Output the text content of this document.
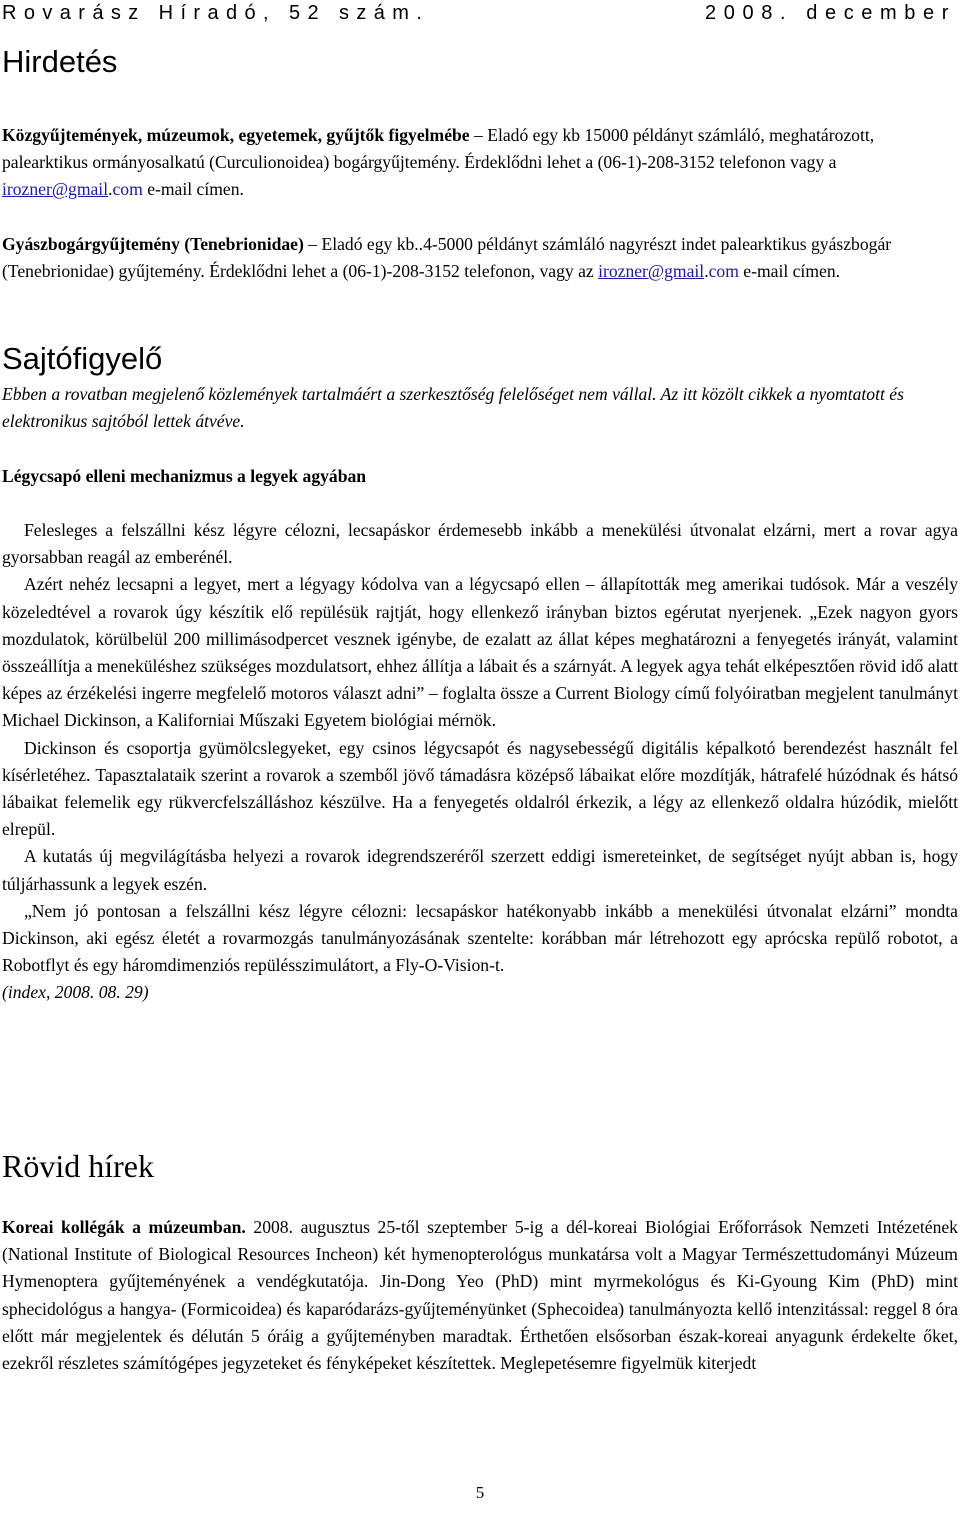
Rovarász Híradó, 52 szám.	2008. december
Hirdetés

Közgyűjtemények, múzeumok, egyetemek, gyűjtők figyelmébe – Eladó egy kb 15000 példányt számláló, meghatározott, palearktikus ormányosalkatú (Curculionoidea) bogárgyűjtemény. Érdeklődni lehet a (06-1)-208-3152 telefonon vagy a irozner@gmail.com e-mail címen.

Gyászbogárgyűjtemény (Tenebrionidae) – Eladó egy kb..4-5000 példányt számláló nagyrészt indet palearktikus gyászbogár (Tenebrionidae) gyűjtemény. Érdeklődni lehet a (06-1)-208-3152 telefonon, vagy az irozner@gmail.com e-mail címen.

Sajtófigyelő
Ebben a rovatban megjelenő közlemények tartalmáért a szerkesztőség felelőséget nem vállal. Az itt közölt cikkek a nyomtatott és elektronikus sajtóból lettek átvéve.
Légycsapó elleni mechanizmus a legyek agyában

Felesleges a felszállni kész légyre célozni, lecsapáskor érdemesebb inkább a menekülési útvonalat elzárni, mert a rovar agya gyorsabban reagál az emberénél.

Azért nehéz lecsapni a legyet, mert a légyagy kódolva van a légycsapó ellen – állapították meg amerikai tudósok. Már a veszély közeledtével a rovarok úgy készítik elő repülésük rajtját, hogy ellenkező irányban biztos egérutat nyerjenek. „Ezek nagyon gyors mozdulatok, körülbelül 200 millimásodpercet vesznek igénybe, de ezalatt az állat képes meghatározni a fenyegetés irányát, valamint összeállítja a meneküléshez szükséges mozdulatsort, ehhez állítja a lábait és a szárnyát. A legyek agya tehát elképesztően rövid idő alatt képes az érzékelési ingerre megfelelő motoros választ adni” – foglalta össze a Current Biology című folyóiratban megjelent tanulmányt Michael Dickinson, a Kaliforniai Műszaki Egyetem biológiai mérnök.

Dickinson és csoportja gyümölcslegyeket, egy csinos légycsapót és nagysebességű digitális képalkotó berendezést használt fel kísérletéhez. Tapasztalataik szerint a rovarok a szemből jövő támadásra középső lábaikat előre mozdítják, hátrafelé húzódnak és hátsó lábaikat felemelik egy rükvercfelszálláshoz készülve. Ha a fenyegetés oldalról érkezik, a légy az ellenkező oldalra húzódik, mielőtt elrepül.

A kutatás új megvilágításba helyezi a rovarok idegrendszeréről szerzett eddigi ismereteinket, de segítséget nyújt abban is, hogy túljárhassunk a legyek eszén.

„Nem jó pontosan a felszállni kész légyre célozni: lecsapáskor hatékonyabb inkább a menekülési útvonalat elzárni” mondta Dickinson, aki egész életét a rovarmozgás tanulmányozásának szentelte: korábban már létrehozott egy aprócska repülő robotot, a Robotflyt és egy háromdimenziós repülésszimulátort, a Fly-O-Vision-t.

(index, 2008. 08. 29)

Rövid hírek

Koreai kollégák a múzeumban. 2008. augusztus 25-től szeptember 5-ig a dél-koreai Biológiai Erőforrások Nemzeti Intézetének (National Institute of Biological Resources Incheon) két hymenopterológus munkatársa volt a Magyar Természettudományi Múzeum Hymenoptera gyűjteményének a vendégkutatója. Jin-Dong Yeo (PhD) mint myrmekológus és Ki-Gyoung Kim (PhD) mint sphecidológus a hangya- (Formicoidea) és kaparódarázs-gyűjteményünket (Sphecoidea) tanulmányozta kellő intenzitással: reggel 8 óra előtt már megjelentek és délután 5 óráig a gyűjteményben maradtak. Érthetően elsősorban észak-koreai anyagunk érdekelte őket, ezekről részletes számítógépes jegyzeteket és fényképeket készítettek. Meglepetésemre figyelmük kiterjedt

5
